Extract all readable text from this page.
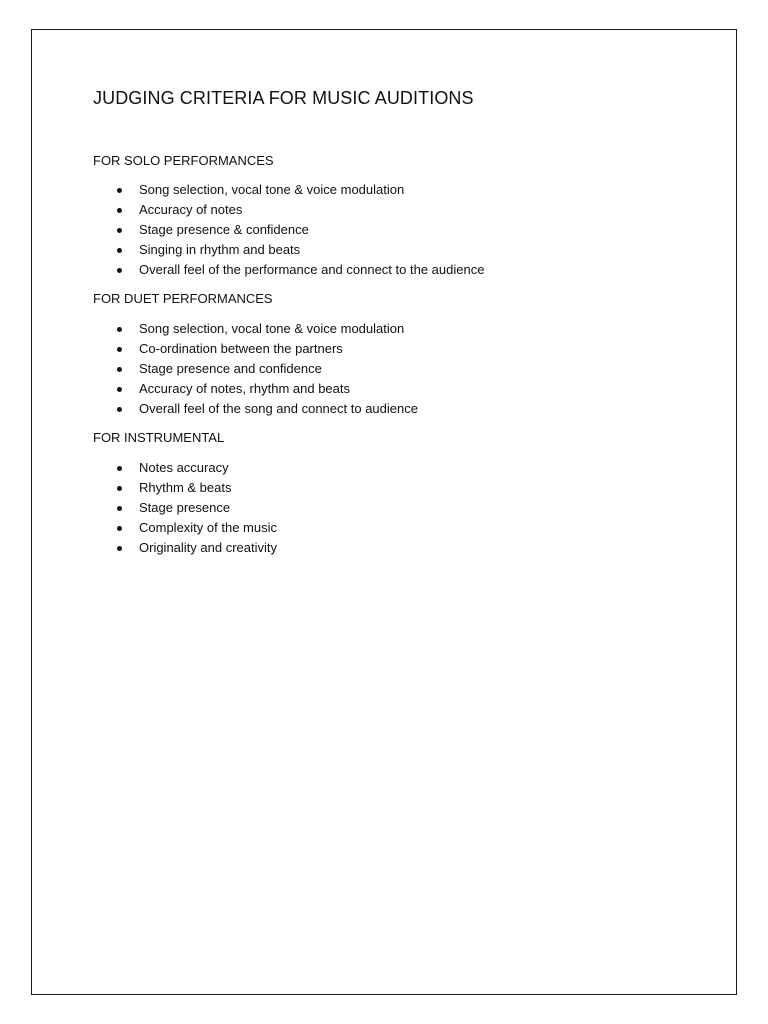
JUDGING CRITERIA FOR MUSIC AUDITIONS
FOR SOLO PERFORMANCES
Song selection, vocal tone & voice modulation
Accuracy of notes
Stage presence & confidence
Singing in rhythm and beats
Overall feel of the performance and connect to the audience
FOR DUET PERFORMANCES
Song selection, vocal tone & voice modulation
Co-ordination between the partners
Stage presence and confidence
Accuracy of notes, rhythm and beats
Overall feel of the song and connect to audience
FOR INSTRUMENTAL
Notes accuracy
Rhythm & beats
Stage presence
Complexity of the music
Originality and creativity
